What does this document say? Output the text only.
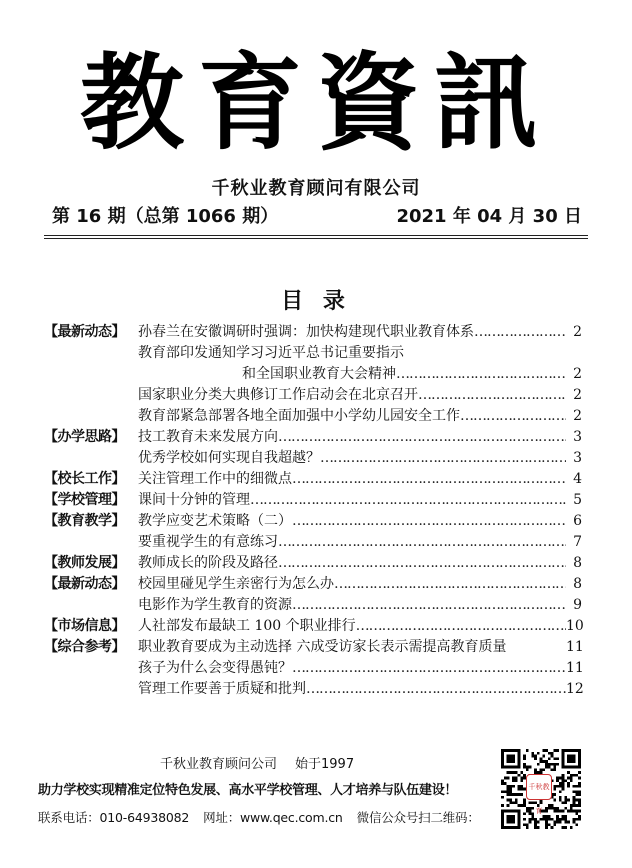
教育資訊
千秋业教育顾问有限公司
第 16 期（总第 1066 期）	2021 年 04 月 30 日
目 录
【最新动态】 孙春兰在安徽调研时强调：加快构建现代职业教育体系 …………………………………………………………………………………………………………………………………………………………	2
教育部印发通知学习习近平总书记重要指示
和全国职业教育大会精神 …………………………………………………………………………………………………………………………………………………………	2
国家职业分类大典修订工作启动会在北京召开 …………………………………………………………………………………………………………………………………………………………	2
教育部紧急部署各地全面加强中小学幼儿园安全工作 …………………………………………………………………………………………………………………………………………………………	2
【办学思路】 技工教育未来发展方向 …………………………………………………………………………………………………………………………………………………………	3
优秀学校如何实现自我超越？ …………………………………………………………………………………………………………………………………………………………	3
【校长工作】 关注管理工作中的细微点 …………………………………………………………………………………………………………………………………………………………	4
【学校管理】 课间十分钟的管理 …………………………………………………………………………………………………………………………………………………………	5
【教育教学】 教学应变艺术策略（二） …………………………………………………………………………………………………………………………………………………………	6
要重视学生的有意练习 …………………………………………………………………………………………………………………………………………………………	7
【教师发展】 教师成长的阶段及路径 …………………………………………………………………………………………………………………………………………………………	8
【最新动态】 校园里碰见学生亲密行为怎么办 …………………………………………………………………………………………………………………………………………………………	8
电影作为学生教育的资源 …………………………………………………………………………………………………………………………………………………………	9
【市场信息】 人社部发布最缺工 100 个职业排行 …………………………………………………………………………………………………………………………………………………………	10
【综合参考】 职业教育要成为主动选择 六成受访家长表示需提高教育质量	11
孩子为什么会变得愚钝？ …………………………………………………………………………………………………………………………………………………………	11
管理工作要善于质疑和批判 …………………………………………………………………………………………………………………………………………………………	12
千秋业教育顾问公司 始于1997
助力学校实现精准定位特色发展、高水平学校管理、人才培养与队伍建设！
联系电话：010-64938082 网址：www.qec.com.cn 微信公众号扫二维码：
千秋教育
